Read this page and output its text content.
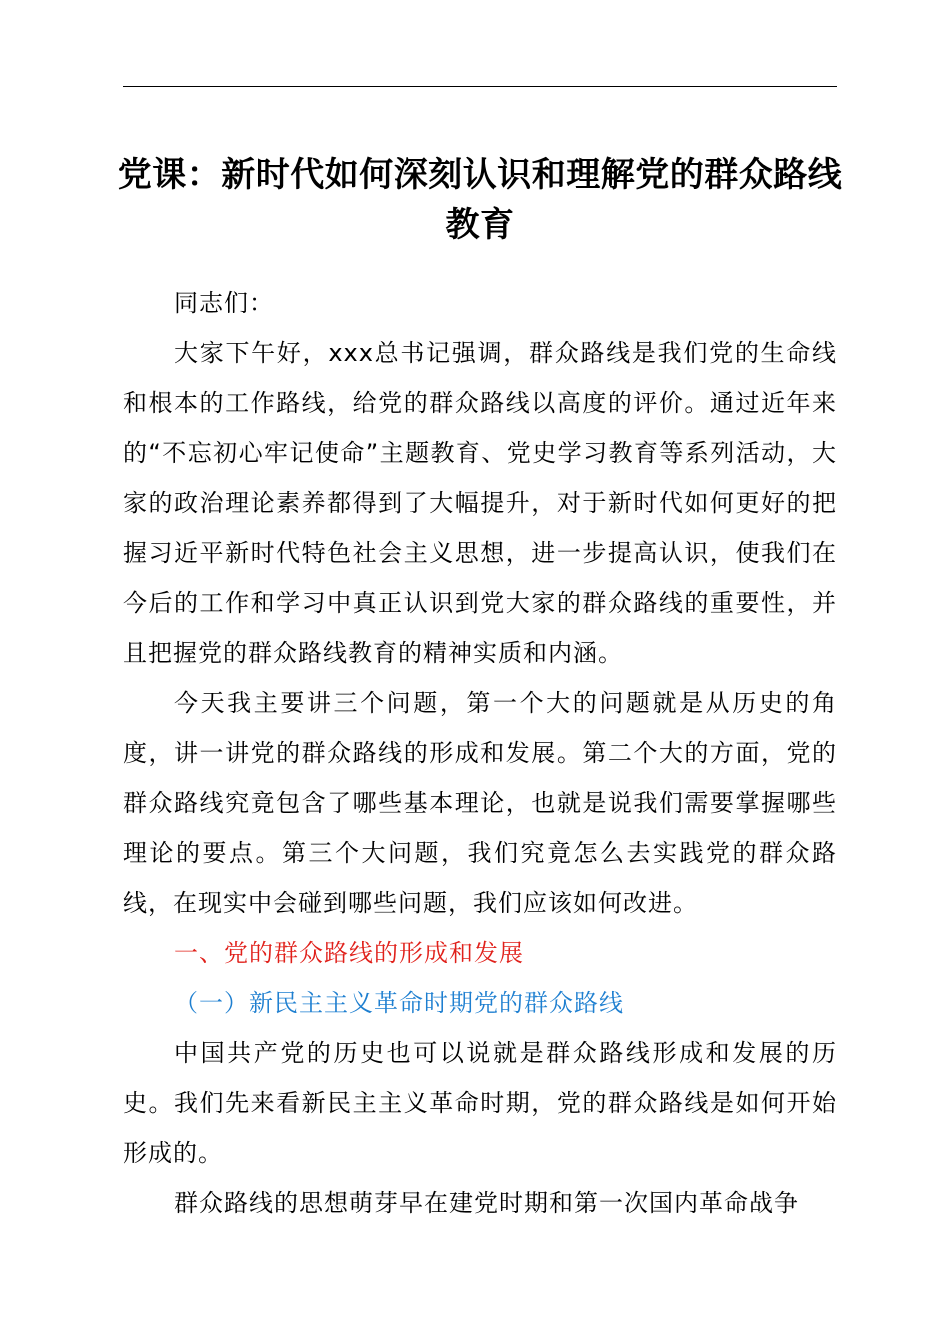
党课：新时代如何深刻认识和理解党的群众路线教育

同志们：

大家下午好，xxx总书记强调，群众路线是我们党的生命线和根本的工作路线，给党的群众路线以高度的评价。通过近年来的“不忘初心牢记使命”主题教育、党史学习教育等系列活动，大家的政治理论素养都得到了大幅提升，对于新时代如何更好的把握习近平新时代特色社会主义思想，进一步提高认识，使我们在今后的工作和学习中真正认识到党大家的群众路线的重要性，并且把握党的群众路线教育的精神实质和内涵。

今天我主要讲三个问题，第一个大的问题就是从历史的角度，讲一讲党的群众路线的形成和发展。第二个大的方面，党的群众路线究竟包含了哪些基本理论，也就是说我们需要掌握哪些理论的要点。第三个大问题，我们究竟怎么去实践党的群众路线，在现实中会碰到哪些问题，我们应该如何改进。

一、党的群众路线的形成和发展

（一）新民主主义革命时期党的群众路线

中国共产党的历史也可以说就是群众路线形成和发展的历史。我们先来看新民主主义革命时期，党的群众路线是如何开始形成的。

群众路线的思想萌芽早在建党时期和第一次国内革命战争
